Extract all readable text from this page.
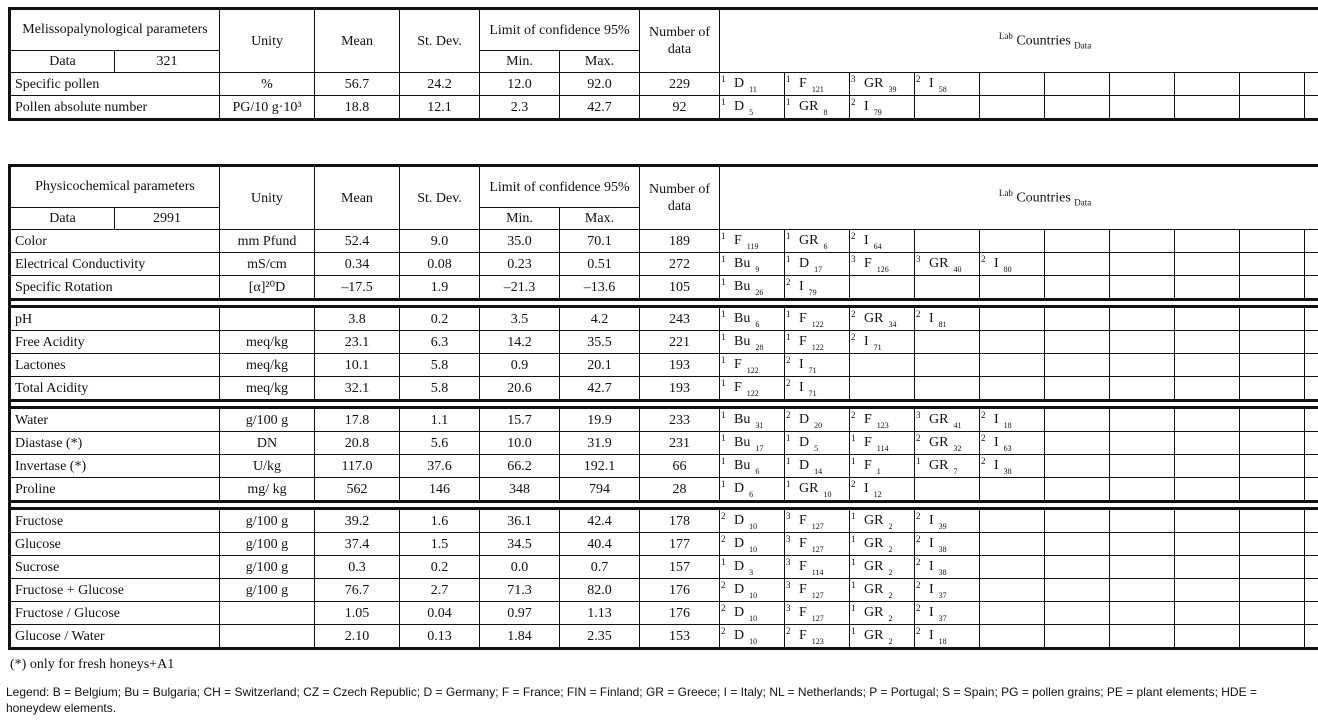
Melissopalynological parameters		Unity	Mean	St. Dev.	Limit of confidence 95%		Number of data	$^{Lab}$ Countries $_{Data}$
Data	321				Min.	Max.											
Specific pollen		%	56.7	24.2	12.0	92.0	229	1 D $_{11}$	1 F $_{121}$	3 GR $_{39}$	2 I $_{58}$						
Pollen absolute number		PG/10 g·10³	18.8	12.1	2.3	42.7	92	1 D $_5$	1 GR $_8$	2 I $_{79}$							
Physicochemical parameters		Unity	Mean	St. Dev.	Limit of confidence 95%		Number of data	$^{Lab}$ Countries $_{Data}$
Data	2991				Min.	Max.											
Color		mm Pfund	52.4	9.0	35.0	70.1	189	1 F $_{119}$	1 GR $_6$	2 I $_{64}$							
Electrical Conductivity		mS/cm	0.34	0.08	0.23	0.51	272	1 Bu $_9$	1 D $_{17}$	3 F $_{126}$	3 GR $_{40}$	2 I $_{80}$					
Specific Rotation		[α]²⁰D	–17.5	1.9	–21.3	–13.6	105	1 Bu $_{26}$	2 I $_{79}$								

pH			3.8	0.2	3.5	4.2	243	1 Bu $_6$	1 F $_{122}$	2 GR $_{34}$	2 I $_{81}$						
Free Acidity		meq/kg	23.1	6.3	14.2	35.5	221	1 Bu $_{28}$	1 F $_{122}$	2 I $_{71}$							
Lactones		meq/kg	10.1	5.8	0.9	20.1	193	1 F $_{122}$	2 I $_{71}$								
Total Acidity		meq/kg	32.1	5.8	20.6	42.7	193	1 F $_{122}$	2 I $_{71}$								

Water		g/100 g	17.8	1.1	15.7	19.9	233	1 Bu $_{31}$	2 D $_{20}$	2 F $_{123}$	3 GR $_{41}$	2 I $_{18}$					
Diastase (*)		DN	20.8	5.6	10.0	31.9	231	1 Bu $_{17}$	1 D $_5$	1 F $_{114}$	2 GR $_{32}$	2 I $_{63}$					
Invertase (*)		U/kg	117.0	37.6	66.2	192.1	66	1 Bu $_6$	1 D $_{14}$	1 F $_1$	1 GR $_7$	2 I $_{38}$					
Proline		mg/ kg	562	146	348	794	28	1 D $_6$	1 GR $_{10}$	2 I $_{12}$							

Fructose		g/100 g	39.2	1.6	36.1	42.4	178	2 D $_{10}$	3 F $_{127}$	1 GR $_2$	2 I $_{39}$						
Glucose		g/100 g	37.4	1.5	34.5	40.4	177	2 D $_{10}$	3 F $_{127}$	1 GR $_2$	2 I $_{38}$						
Sucrose		g/100 g	0.3	0.2	0.0	0.7	157	1 D $_3$	3 F $_{114}$	1 GR $_2$	2 I $_{38}$						
Fructose + Glucose		g/100 g	76.7	2.7	71.3	82.0	176	2 D $_{10}$	3 F $_{127}$	1 GR $_2$	2 I $_{37}$						
Fructose / Glucose			1.05	0.04	0.97	1.13	176	2 D $_{10}$	3 F $_{127}$	1 GR $_2$	2 I $_{37}$						
Glucose / Water			2.10	0.13	1.84	2.35	153	2 D $_{10}$	2 F $_{123}$	1 GR $_2$	2 I $_{18}$						
(*) only for fresh honeys+A1
Legend: B = Belgium; Bu = Bulgaria; CH = Switzerland; CZ = Czech Republic; D = Germany; F = France; FIN = Finland; GR = Greece; I = Italy; NL = Netherlands; P = Portugal; S = Spain; PG = pollen grains; PE = plant elements; HDE = honeydew elements.
